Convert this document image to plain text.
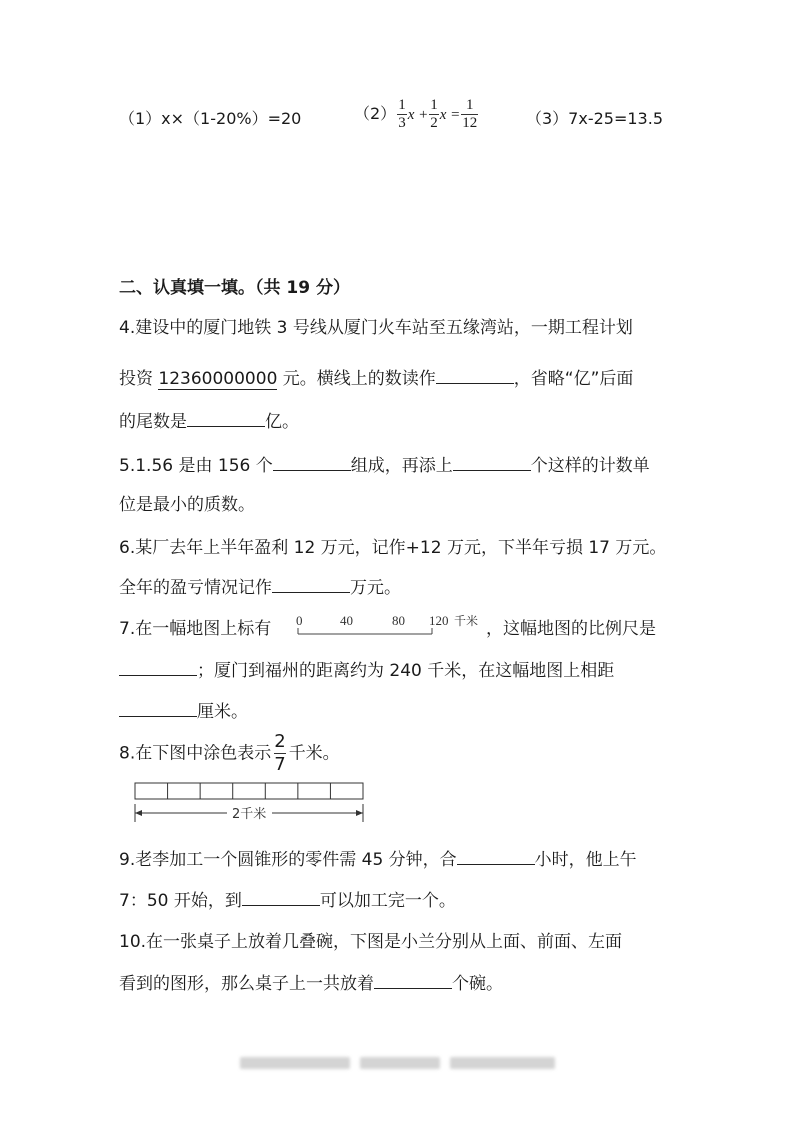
（1）x×（1-20%）=20	$(2) \frac{1}{3}$ $x + \frac{1}{2}$ $x = \frac{1}{12}$	（3）7x-25=13.5
二、认真填一填。（共 19 分）
4.建设中的厦门地铁 3 号线从厦门火车站至五缘湾站，一期工程计划
投资 12360000000 元。横线上的数读作	，省略“亿”后面
的尾数是	亿。
5.1.56 是由 156 个	组成，再添上	个这样的计数单
位是最小的质数。
6.某厂去年上半年盈利 12 万元，记作+12 万元，下半年亏损 17 万元。
全年的盈亏情况记作	万元。
7.在一幅地图上标有 0	40	80 120 千米 ，这幅地图的比例尺是
；厦门到福州的距离约为 240 千米，在这幅地图上相距
厘米。
8.在下图中涂色表示 $\frac{2}{7}$ 千米。
2千米
9.老李加工一个圆锥形的零件需 45 分钟，合	小时，他上午
7：50 开始，到	可以加工完一个。
10.在一张桌子上放着几叠碗，下图是小兰分别从上面、前面、左面
看到的图形，那么桌子上一共放着	个碗。
